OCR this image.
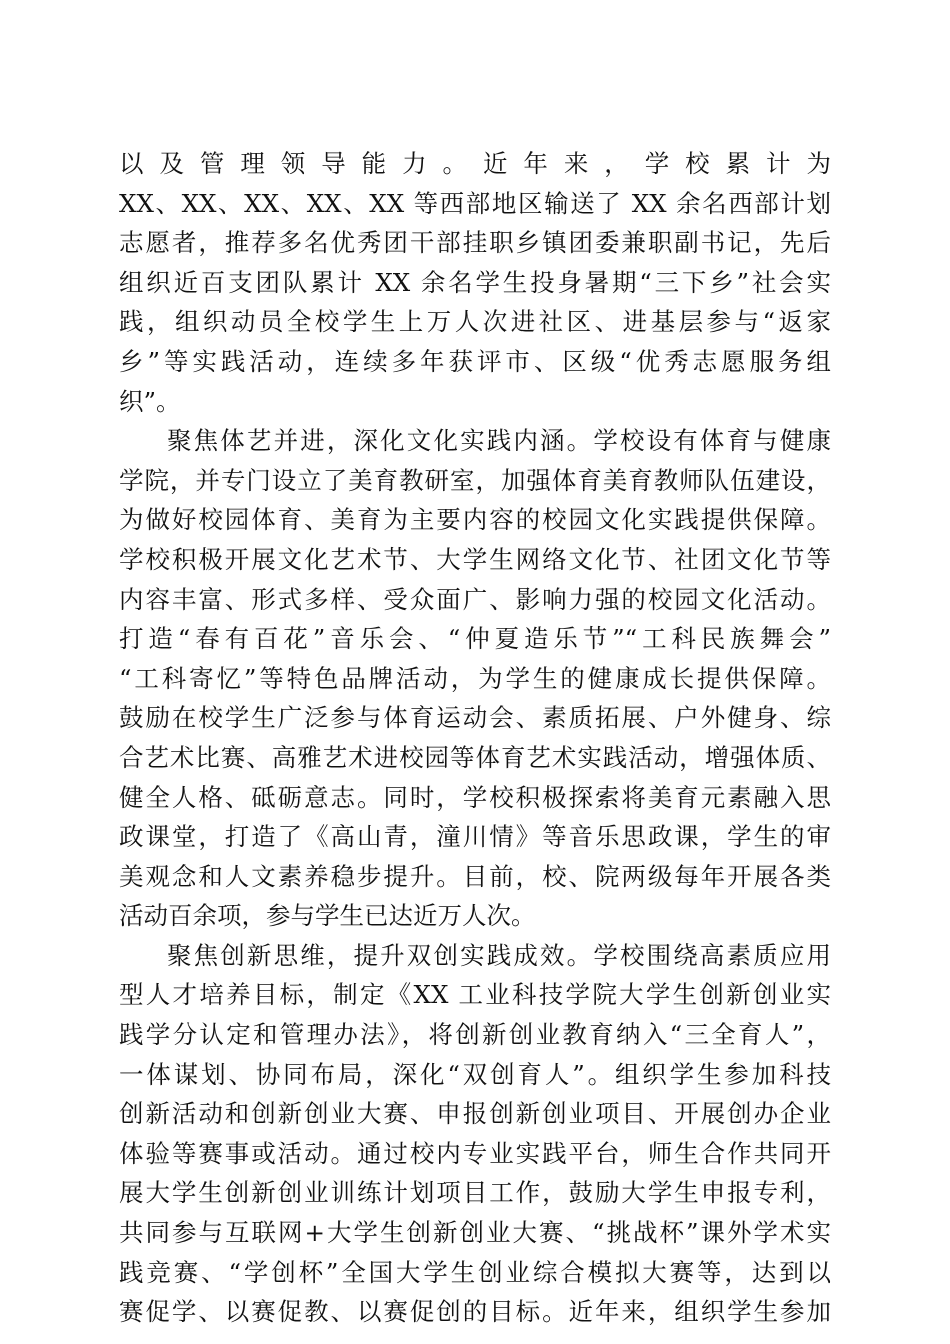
以 及 管 理 领 导 能 力 。 近 年 来 ， 学 校 累 计 为
XX、XX、XX、XX、XX 等西部地区输送了 XX 余名西部计划
志愿者，推荐多名优秀团干部挂职乡镇团委兼职副书记，先后
组织近百支团队累计 XX 余名学生投身暑期“三下乡”社会实
践，组织动员全校学生上万人次进社区、进基层参与“返家
乡”等实践活动，连续多年获评市、区级“优秀志愿服务组
织”。
聚焦体艺并进，深化文化实践内涵。学校设有体育与健康
学院，并专门设立了美育教研室，加强体育美育教师队伍建设，
为做好校园体育、美育为主要内容的校园文化实践提供保障。
学校积极开展文化艺术节、大学生网络文化节、社团文化节等
内容丰富、形式多样、受众面广、影响力强的校园文化活动。
打造“春有百花”音乐会、“仲夏造乐节”“工科民族舞会”
“工科寄忆”等特色品牌活动，为学生的健康成长提供保障。
鼓励在校学生广泛参与体育运动会、素质拓展、户外健身、综
合艺术比赛、高雅艺术进校园等体育艺术实践活动，增强体质、
健全人格、砥砺意志。同时，学校积极探索将美育元素融入思
政课堂，打造了《高山青，潼川情》等音乐思政课，学生的审
美观念和人文素养稳步提升。目前，校、院两级每年开展各类
活动百余项，参与学生已达近万人次。
聚焦创新思维，提升双创实践成效。学校围绕高素质应用
型人才培养目标，制定《XX 工业科技学院大学生创新创业实
践学分认定和管理办法》，将创新创业教育纳入“三全育人”，
一体谋划、协同布局，深化“双创育人”。组织学生参加科技
创新活动和创新创业大赛、申报创新创业项目、开展创办企业
体验等赛事或活动。通过校内专业实践平台，师生合作共同开
展大学生创新创业训练计划项目工作，鼓励大学生申报专利，
共同参与互联网+大学生创新创业大赛、“挑战杯”课外学术实
践竞赛、“学创杯”全国大学生创业综合模拟大赛等，达到以
赛促学、以赛促教、以赛促创的目标。近年来，组织学生参加
